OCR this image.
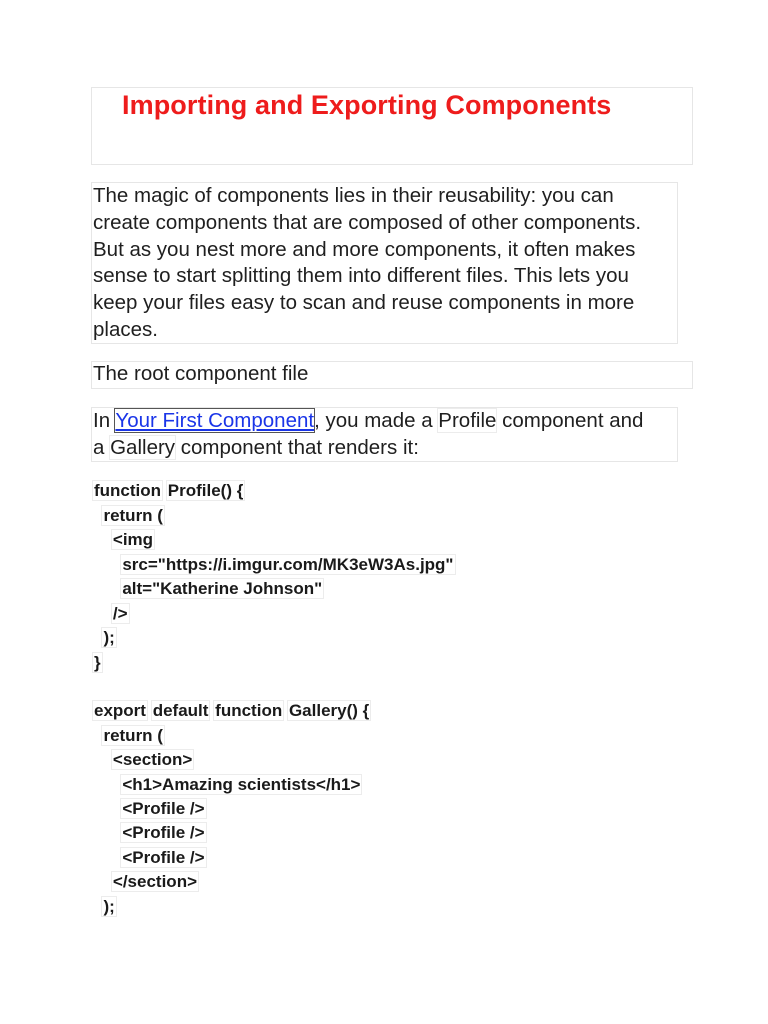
Importing and Exporting Components

The magic of components lies in their reusability: you can
create components that are composed of other components.
But as you nest more and more components, it often makes
sense to start splitting them into different files. This lets you
keep your files easy to scan and reuse components in more
places.

The root component file

In Your First Component, you made a Profile component and
a Gallery component that renders it:

function Profile() {
return (
<img
src="https://i.imgur.com/MK3eW3As.jpg"
alt="Katherine Johnson"
/>
);
}
export default function Gallery() {
return (
<section>
<h1>Amazing scientists</h1>
<Profile />
<Profile />
<Profile />
</section>
);
